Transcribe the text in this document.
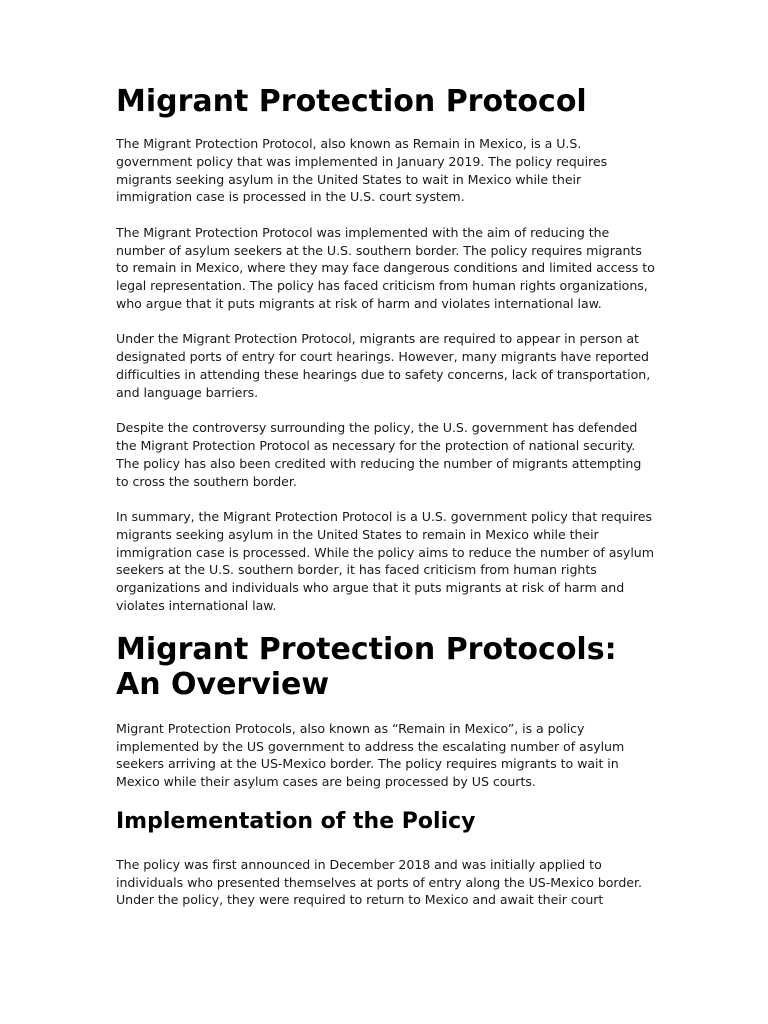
Migrant Protection Protocol

The Migrant Protection Protocol, also known as Remain in Mexico, is a U.S. government policy that was implemented in January 2019. The policy requires migrants seeking asylum in the United States to wait in Mexico while their immigration case is processed in the U.S. court system.

The Migrant Protection Protocol was implemented with the aim of reducing the number of asylum seekers at the U.S. southern border. The policy requires migrants to remain in Mexico, where they may face dangerous conditions and limited access to legal representation. The policy has faced criticism from human rights organizations, who argue that it puts migrants at risk of harm and violates international law.

Under the Migrant Protection Protocol, migrants are required to appear in person at designated ports of entry for court hearings. However, many migrants have reported difficulties in attending these hearings due to safety concerns, lack of transportation, and language barriers.

Despite the controversy surrounding the policy, the U.S. government has defended the Migrant Protection Protocol as necessary for the protection of national security. The policy has also been credited with reducing the number of migrants attempting to cross the southern border.

In summary, the Migrant Protection Protocol is a U.S. government policy that requires migrants seeking asylum in the United States to remain in Mexico while their immigration case is processed. While the policy aims to reduce the number of asylum seekers at the U.S. southern border, it has faced criticism from human rights organizations and individuals who argue that it puts migrants at risk of harm and violates international law.

Migrant Protection Protocols: An Overview

Migrant Protection Protocols, also known as “Remain in Mexico”, is a policy implemented by the US government to address the escalating number of asylum seekers arriving at the US-Mexico border. The policy requires migrants to wait in Mexico while their asylum cases are being processed by US courts.

Implementation of the Policy

The policy was first announced in December 2018 and was initially applied to individuals who presented themselves at ports of entry along the US-Mexico border. Under the policy, they were required to return to Mexico and await their court
